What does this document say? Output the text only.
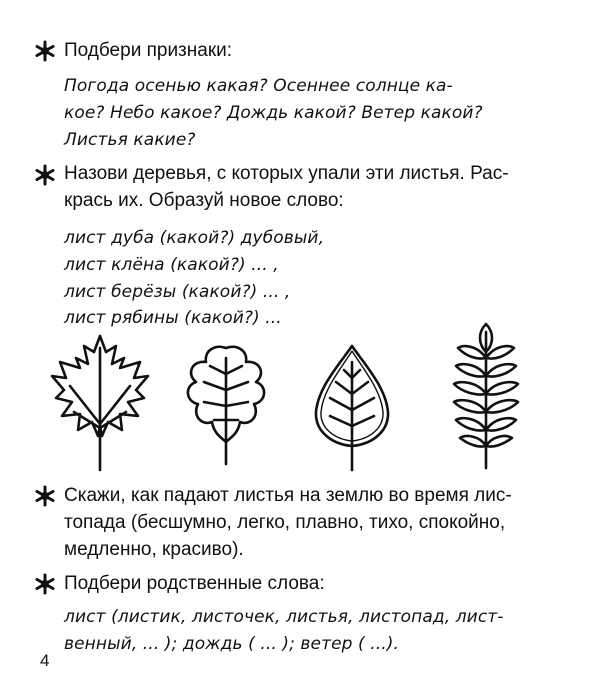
Подбери признаки:
Погода осенью какая? Осеннее солнце ка-
кое? Небо какое? Дождь какой? Ветер какой?
Листья какие?
Назови деревья, с которых упали эти листья. Рас-
крась их. Образуй новое слово:
лист дуба (какой?) дубовый,
лист клёна (какой?) ... ,
лист берёзы (какой?) ... ,
лист рябины (какой?) ...
Скажи, как падают листья на землю во время лис-
топада (бесшумно, легко, плавно, тихо, спокойно,
медленно, красиво).
Подбери родственные слова:
лист (листик, листочек, листья, листопад, лист-
венный, ... ); дождь ( ... ); ветер ( ...).
4
